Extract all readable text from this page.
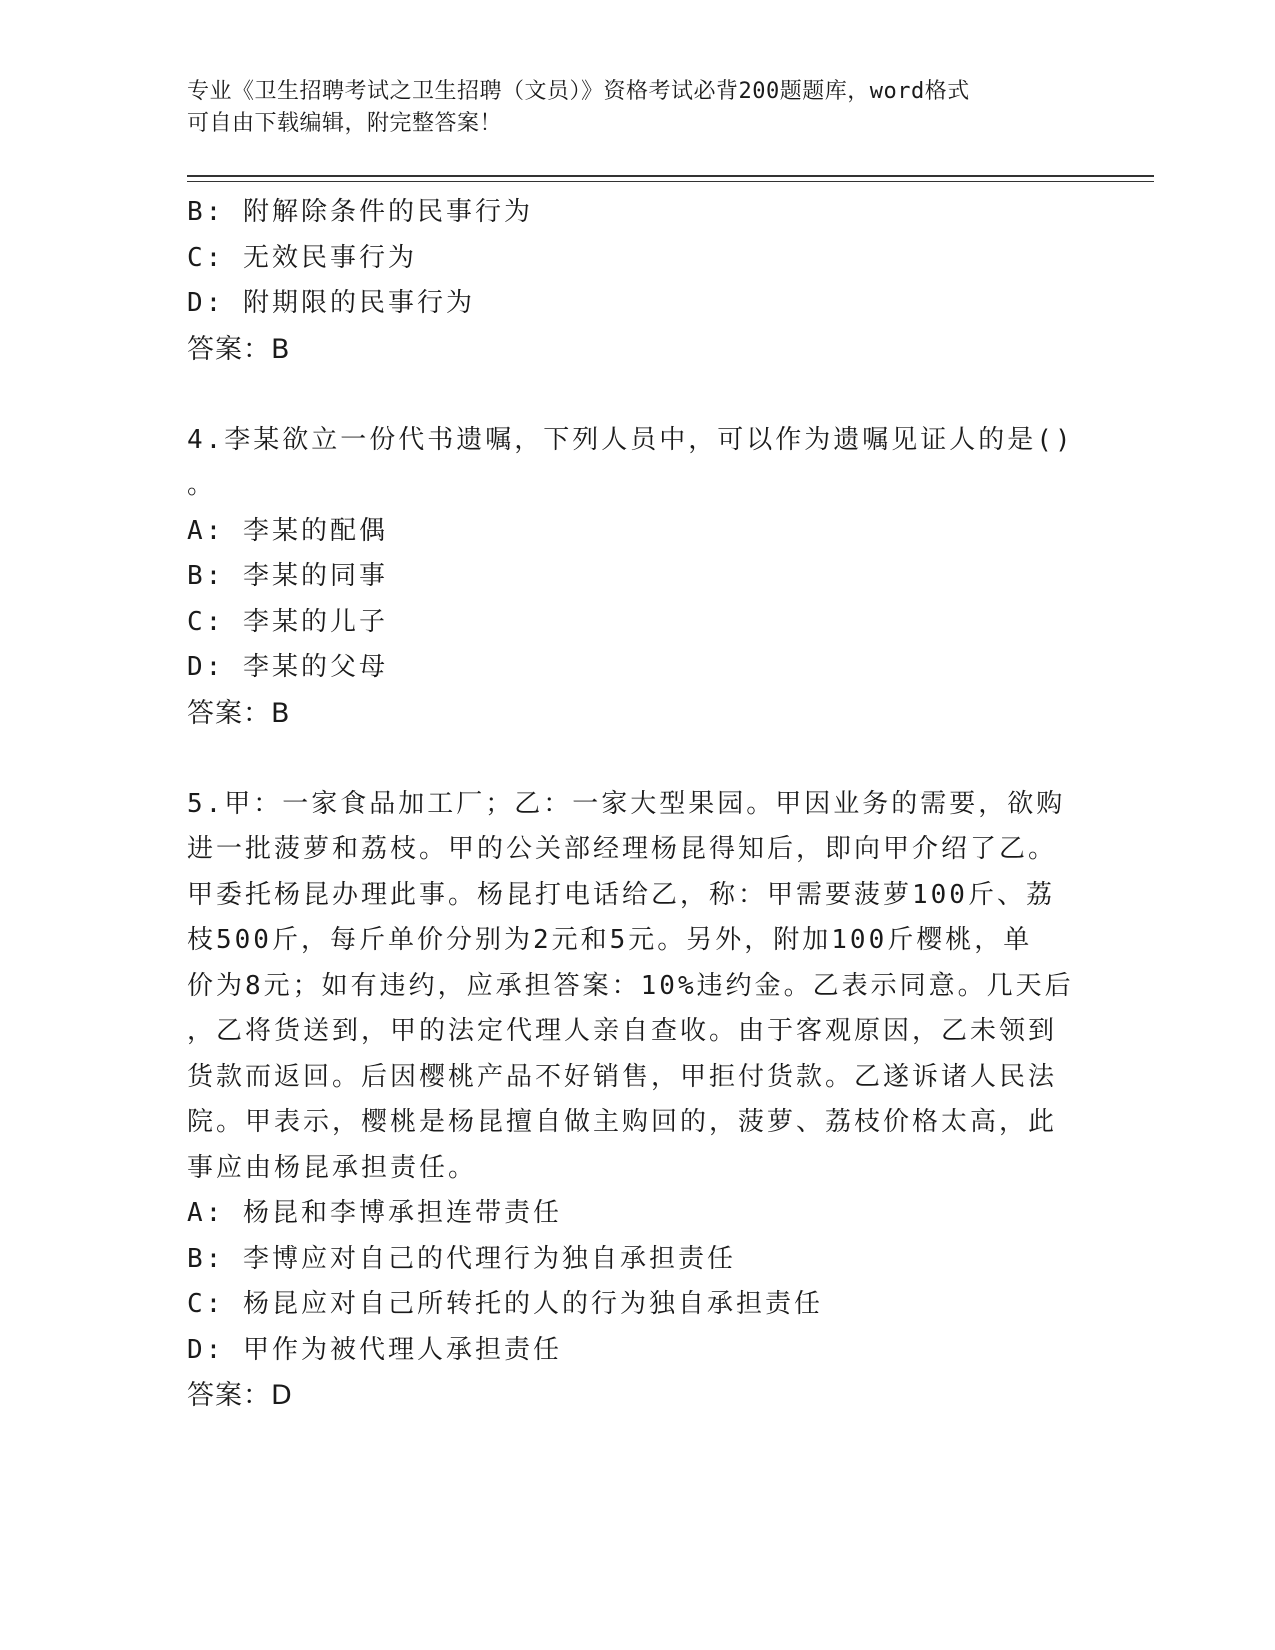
专业《卫生招聘考试之卫生招聘（文员）》资格考试必背200题题库，word格式
可自由下载编辑，附完整答案！
B: 附解除条件的民事行为
C: 无效民事行为
D: 附期限的民事行为
答案：B
4.李某欲立一份代书遗嘱，下列人员中，可以作为遗嘱见证人的是()
。
A: 李某的配偶
B: 李某的同事
C: 李某的儿子
D: 李某的父母
答案：B
5.甲：一家食品加工厂；乙：一家大型果园。甲因业务的需要，欲购
进一批菠萝和荔枝。甲的公关部经理杨昆得知后，即向甲介绍了乙。
甲委托杨昆办理此事。杨昆打电话给乙，称：甲需要菠萝100斤、荔
枝500斤，每斤单价分别为2元和5元。另外，附加100斤樱桃，单
价为8元；如有违约，应承担答案：10%违约金。乙表示同意。几天后
，乙将货送到，甲的法定代理人亲自查收。由于客观原因，乙未领到
货款而返回。后因樱桃产品不好销售，甲拒付货款。乙遂诉诸人民法
院。甲表示，樱桃是杨昆擅自做主购回的，菠萝、荔枝价格太高，此
事应由杨昆承担责任。
A: 杨昆和李博承担连带责任
B: 李博应对自己的代理行为独自承担责任
C: 杨昆应对自己所转托的人的行为独自承担责任
D: 甲作为被代理人承担责任
答案：D
